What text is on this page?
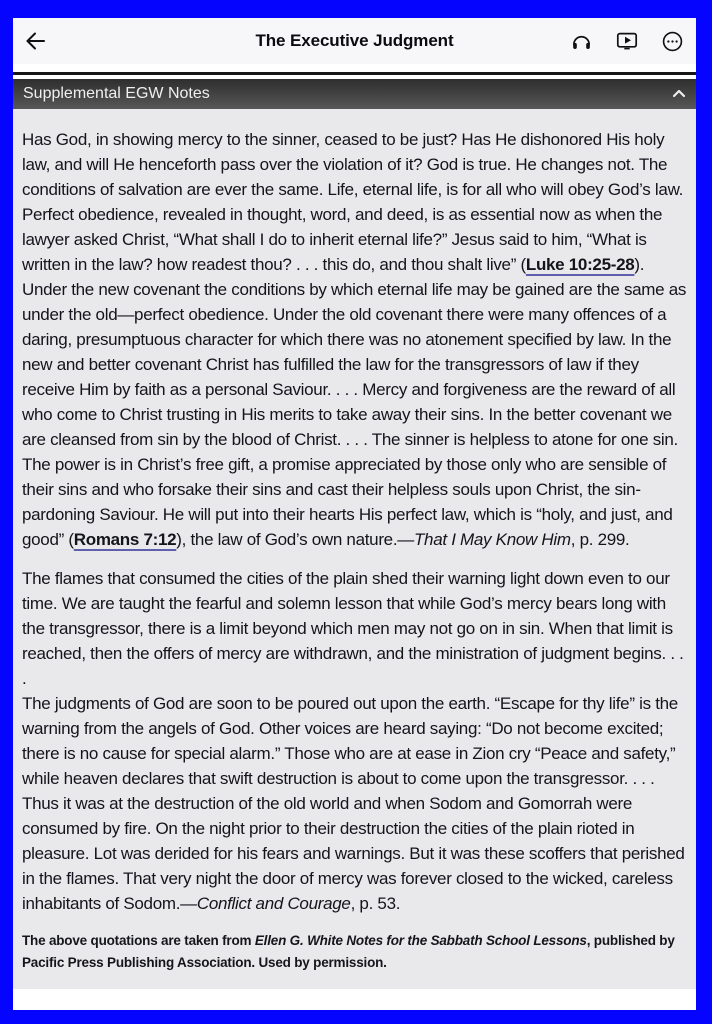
The Executive Judgment
Supplemental EGW Notes

Has God, in showing mercy to the sinner, ceased to be just? Has He dishonored His holy law, and will He henceforth pass over the violation of it? God is true. He changes not. The conditions of salvation are ever the same. Life, eternal life, is for all who will obey God’s law. Perfect obedience, revealed in thought, word, and deed, is as essential now as when the lawyer asked Christ, “What shall I do to inherit eternal life?” Jesus said to him, “What is written in the law? how readest thou? . . . this do, and thou shalt live” (Luke 10:25-28). Under the new covenant the conditions by which eternal life may be gained are the same as under the old—perfect obedience. Under the old covenant there were many offences of a daring, presumptuous character for which there was no atonement specified by law. In the new and better covenant Christ has fulfilled the law for the transgressors of law if they receive Him by faith as a personal Saviour. . . . Mercy and forgiveness are the reward of all who come to Christ trusting in His merits to take away their sins. In the better covenant we are cleansed from sin by the blood of Christ. . . . The sinner is helpless to atone for one sin. The power is in Christ’s free gift, a promise appreciated by those only who are sensible of their sins and who forsake their sins and cast their helpless souls upon Christ, the sin-pardoning Saviour. He will put into their hearts His perfect law, which is “holy, and just, and good” (Romans 7:12), the law of God’s own nature.—That I May Know Him, p. 299.

The flames that consumed the cities of the plain shed their warning light down even to our time. We are taught the fearful and solemn lesson that while God’s mercy bears long with the transgressor, there is a limit beyond which men may not go on in sin. When that limit is reached, then the offers of mercy are withdrawn, and the ministration of judgment begins. . .
.

The judgments of God are soon to be poured out upon the earth. “Escape for thy life” is the warning from the angels of God. Other voices are heard saying: “Do not become excited; there is no cause for special alarm.” Those who are at ease in Zion cry “Peace and safety,” while heaven declares that swift destruction is about to come upon the transgressor. . . . Thus it was at the destruction of the old world and when Sodom and Gomorrah were consumed by fire. On the night prior to their destruction the cities of the plain rioted in pleasure. Lot was derided for his fears and warnings. But it was these scoffers that perished in the flames. That very night the door of mercy was forever closed to the wicked, careless inhabitants of Sodom.—Conflict and Courage, p. 53.

The above quotations are taken from Ellen G. White Notes for the Sabbath School Lessons, published by Pacific Press Publishing Association. Used by permission.
